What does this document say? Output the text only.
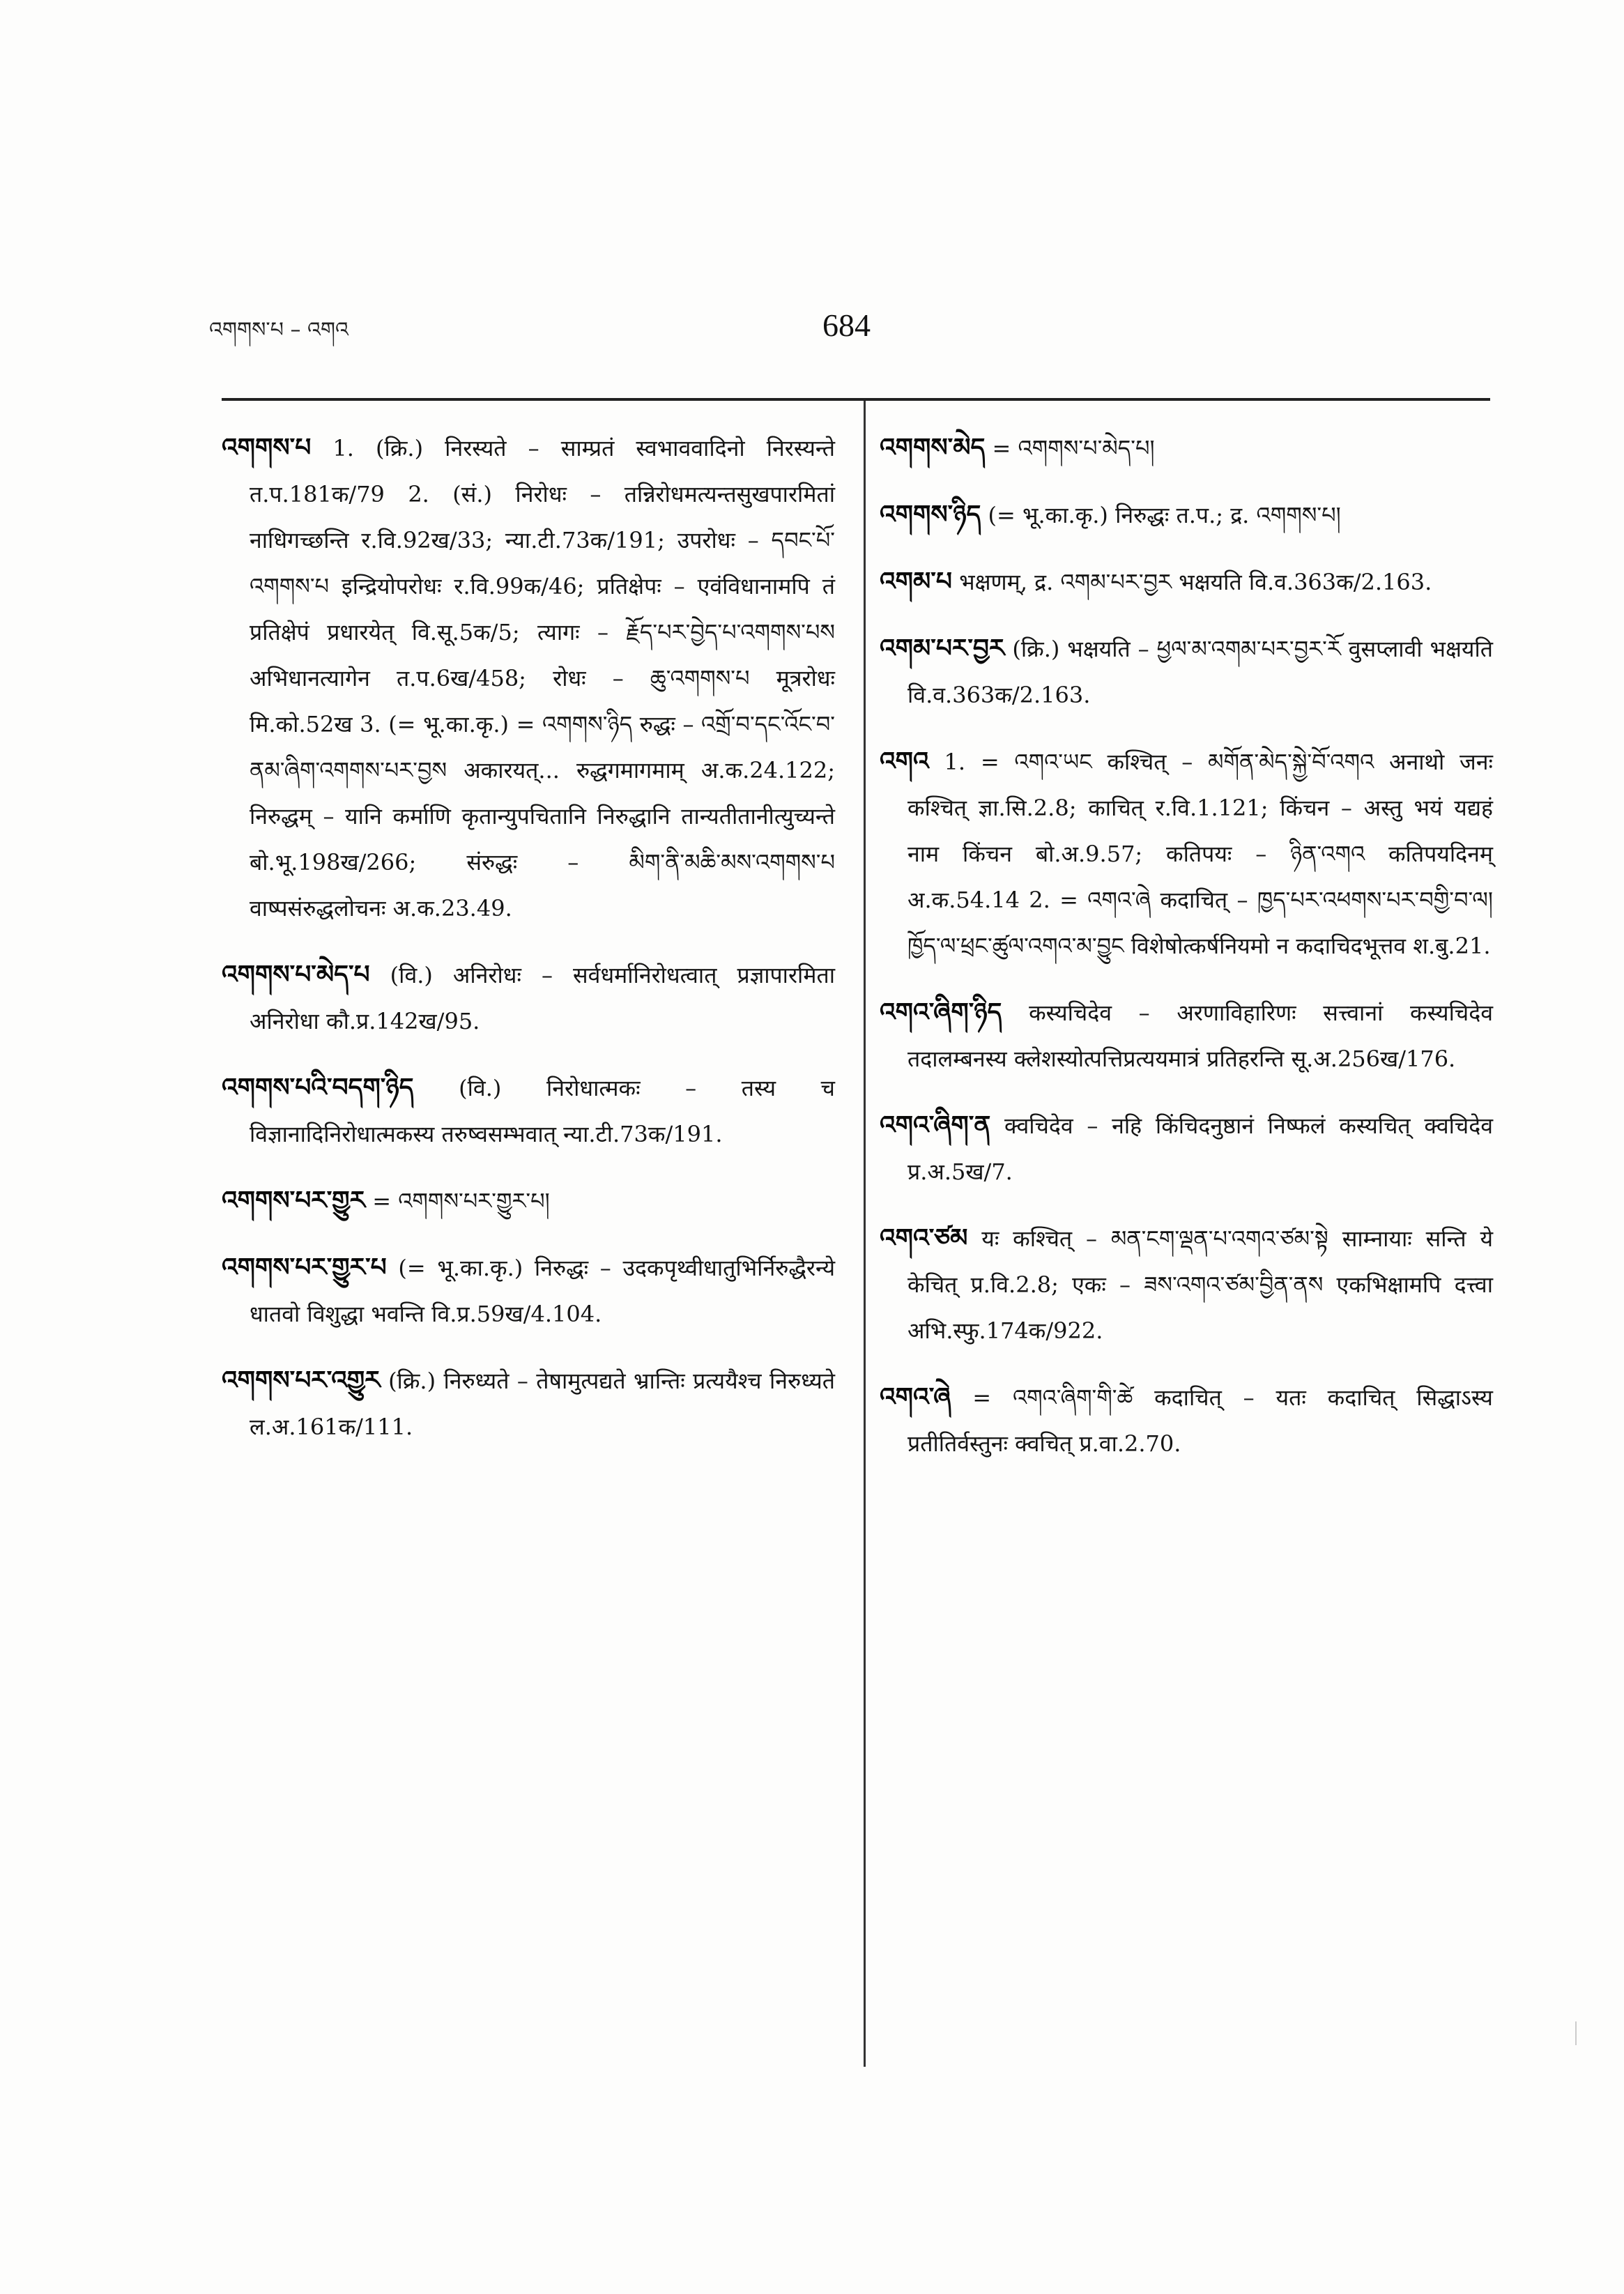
འགགས་པ – འགའ	684
འགགས་པ 1. (क्रि.) निरस्यते – साम्प्रतं स्वभाववादिनो निरस्यन्ते त.प.181क/79 2. (सं.) निरोधः – तन्निरोधमत्यन्तसुखपारमितां नाधिगच्छन्ति र.वि.92ख/33; न्या.टी.73क/191; उपरोधः – དབང་པོ་འགགས་པ इन्द्रियोपरोधः र.वि.99क/46; प्रतिक्षेपः – एवंविधानामपि तं प्रतिक्षेपं प्रधारयेत् वि.सू.5क/5; त्यागः – རྗོད་པར་བྱེད་པ་འགགས་པས अभिधानत्यागेन त.प.6ख/458; रोधः – ཆུ་འགགས་པ मूत्ररोधः मि.को.52ख 3. (= भू.का.कृ.) = འགགས་ཉིད रुद्धः – འགྲོ་བ་དང་འོང་བ་ནམ་ཞིག་འགགས་པར་བྱས अकारयत्... रुद्धगमागमाम् अ.क.24.122; निरुद्धम् – यानि कर्माणि कृतान्युपचितानि निरुद्धानि तान्यतीतानीत्युच्यन्ते बो.भू.198ख/266; संरुद्धः – མིག་ནི་མཆི་མས་འགགས་པ वाष्पसंरुद्धलोचनः अ.क.23.49.
འགགས་པ་མེད་པ (वि.) अनिरोधः – सर्वधर्मानिरोधत्वात् प्रज्ञापारमिता अनिरोधा कौ.प्र.142ख/95.
འགགས་པའི་བདག་ཉིད (वि.) निरोधात्मकः – तस्य च विज्ञानादिनिरोधात्मकस्य तरुष्वसम्भवात् न्या.टी.73क/191.
འགགས་པར་གྱུར = འགགས་པར་གྱུར་པ།
འགགས་པར་གྱུར་པ (= भू.का.कृ.) निरुद्धः – उदकपृथ्वीधातुभिर्निरुद्धैरन्ये धातवो विशुद्धा भवन्ति वि.प्र.59ख/4.104.
འགགས་པར་འགྱུར (क्रि.) निरुध्यते – तेषामुत्पद्यते भ्रान्तिः प्रत्ययैश्च निरुध्यते ल.अ.161क/111.
འགགས་མེད = འགགས་པ་མེད་པ།
འགགས་ཉིད (= भू.का.कृ.) निरुद्धः त.प.; द्र. འགགས་པ།
འགམ་པ भक्षणम्, द्र. འགམ་པར་བྱར भक्षयति वि.व.363क/2.163.
འགམ་པར་བྱར (क्रि.) भक्षयति – ཕྱལ་མ་འགམ་པར་བྱར་རོ वुसप्लावी भक्षयति वि.व.363क/2.163.
འགའ 1. = འགའ་ཡང कश्चित् – མགོན་མེད་སྐྱེ་བོ་འགའ अनाथो जनः कश्चित् ज्ञा.सि.2.8; काचित् र.वि.1.121; किंचन – अस्तु भयं यद्यहं नाम किंचन बो.अ.9.57; कतिपयः – ཉིན་འགའ कतिपयदिनम् अ.क.54.14 2. = འགའ་ཞེ कदाचित् – ཁྱད་པར་འཕགས་པར་བགྱི་བ་ལ། ཁྱོད་ལ་ཕྲང་ཚུལ་འགའ་མ་བྱུང विशेषोत्कर्षनियमो न कदाचिदभूत्तव श.बु.21.
འགའ་ཞིག་ཉིད कस्यचिदेव – अरणाविहारिणः सत्त्वानां कस्यचिदेव तदालम्बनस्य क्लेशस्योत्पत्तिप्रत्ययमात्रं प्रतिहरन्ति सू.अ.256ख/176.
འགའ་ཞིག་ན क्वचिदेव – नहि किंचिदनुष्ठानं निष्फलं कस्यचित् क्वचिदेव प्र.अ.5ख/7.
འགའ་ཙམ यः कश्चित् – མན་ངག་ལྡན་པ་འགའ་ཙམ་སྟེ साम्नायाः सन्ति ये केचित् प्र.वि.2.8; एकः – ཟས་འགའ་ཙམ་བྱིན་ནས एकभिक्षामपि दत्त्वा अभि.स्फु.174क/922.
འགའ་ཞེ = འགའ་ཞིག་གི་ཚེ कदाचित् – यतः कदाचित् सिद्धाऽस्य प्रतीतिर्वस्तुनः क्वचित् प्र.वा.2.70.
